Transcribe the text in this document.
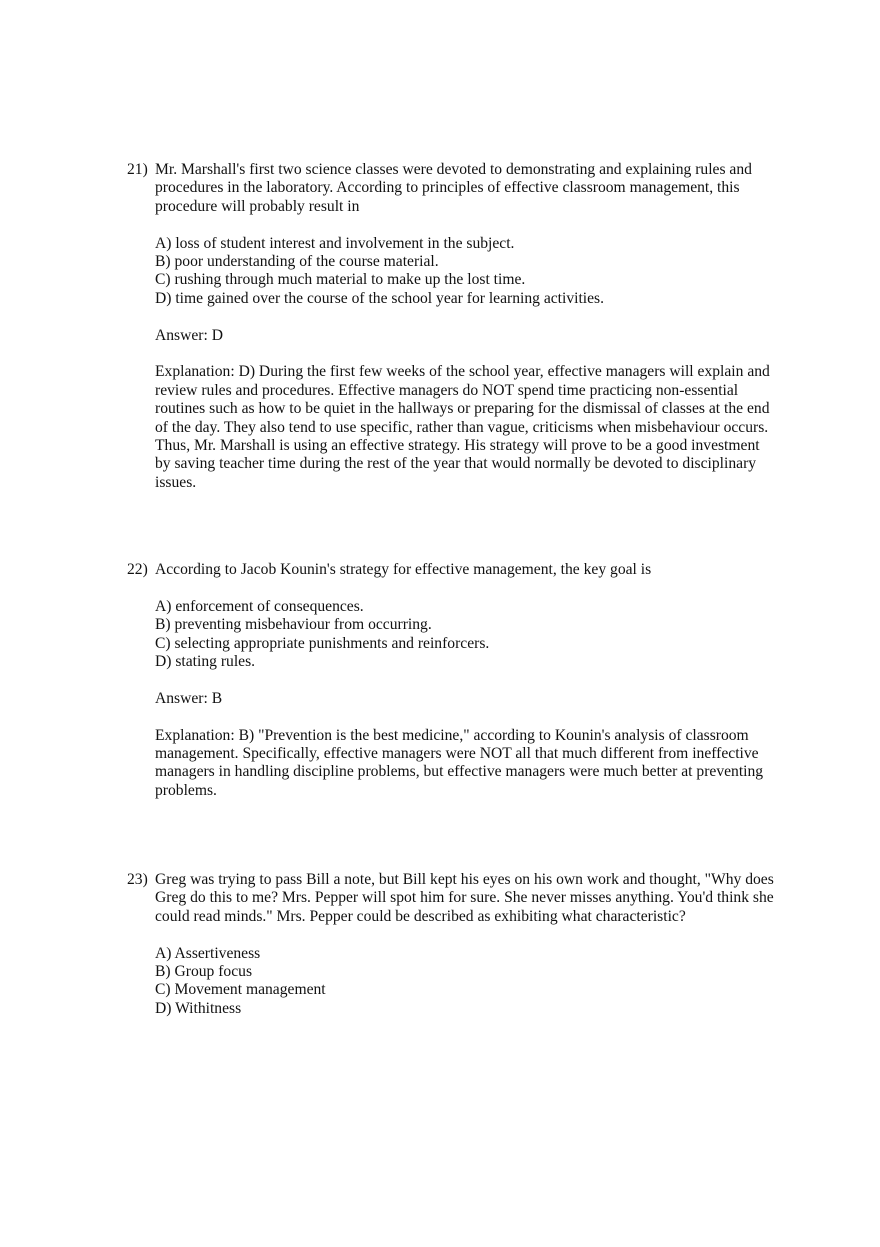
21) Mr. Marshall's first two science classes were devoted to demonstrating and explaining rules and procedures in the laboratory. According to principles of effective classroom management, this procedure will probably result in

A) loss of student interest and involvement in the subject.
B) poor understanding of the course material.
C) rushing through much material to make up the lost time.
D) time gained over the course of the school year for learning activities.

Answer: D

Explanation: D) During the first few weeks of the school year, effective managers will explain and review rules and procedures. Effective managers do NOT spend time practicing non-essential routines such as how to be quiet in the hallways or preparing for the dismissal of classes at the end of the day. They also tend to use specific, rather than vague, criticisms when misbehaviour occurs. Thus, Mr. Marshall is using an effective strategy. His strategy will prove to be a good investment by saving teacher time during the rest of the year that would normally be devoted to disciplinary issues.

22) According to Jacob Kounin's strategy for effective management, the key goal is

A) enforcement of consequences.
B) preventing misbehaviour from occurring.
C) selecting appropriate punishments and reinforcers.
D) stating rules.

Answer: B

Explanation: B) "Prevention is the best medicine," according to Kounin's analysis of classroom management. Specifically, effective managers were NOT all that much different from ineffective managers in handling discipline problems, but effective managers were much better at preventing problems.

23) Greg was trying to pass Bill a note, but Bill kept his eyes on his own work and thought, "Why does Greg do this to me? Mrs. Pepper will spot him for sure. She never misses anything. You'd think she could read minds." Mrs. Pepper could be described as exhibiting what characteristic?

A) Assertiveness
B) Group focus
C) Movement management
D) Withitness
